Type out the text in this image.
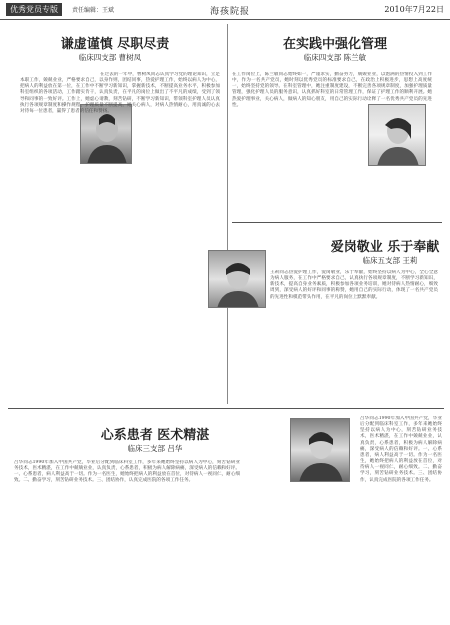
优秀党员专版	责任编辑：王斌	海孩院报	2010年7月22日
谦虚谨慎 尽职尽责
临床四支部 曹树凤
在过去的一年中，曹树凤同志认真学习党的理论知识，立足本职工作，兢兢业业，严格要求自己，以身作则，团结同事，热爱护理工作，始终以病人为中心，把病人的利益放在第一位，在工作中不断学习新知识，掌握新技术，不断提高业务水平，积极参加科室组织的各项活动，工作踏实肯干，认真负责，在平凡的岗位上做出了不平凡的成绩，受到了领导和同事的一致好评。工作上，她虚心请教，刻苦钻研，不断学习新知识，带领科室护理人员认真执行各项规章制度和操作规程，护理质量不断提高。她关心病人，对病人热情耐心，用真诚的心去对待每一位患者，赢得了患者的信任和赞扬。
在实践中强化管理
临床四支部 陈兰敏
在工作岗位上，陈兰敏同志始终如一，严谨求实，勤奋努力，兢兢业业，以饱满的热情投入到工作中，作为一名共产党员，她时刻以优秀党员的标准要求自己，在政治上积极进步，思想上高度统一，始终坚持党的领导。在科室管理中，她注重制度建设，不断完善各项规章制度，加强护理质量管理，强化护理人员的服务意识，认真抓好科室的日常管理工作，保证了护理工作的顺利开展。她热爱护理事业，关心病人，做病人的知心朋友，用自己的实际行动诠释了一名优秀共产党员的先进性。
爱岗敬业 乐于奉献
临床五支部 王莉
王莉同志热爱护理工作，爱岗敬业，乐于奉献，始终坚持以病人为中心，全心全意为病人服务，在工作中严格要求自己，认真执行各项规章制度，不断学习新知识，新技术，提高自身业务素质，积极参加各项业务培训，她对待病人热情耐心，细致周到，深受病人的好评和同事的称赞，她用自己的实际行动，体现了一名共产党员的先进性和模范带头作用，在平凡的岗位上默默奉献。
心系患者 医术精湛
临床三支部 吕华
吕华同志1990年加入中国共产党，毕业后分配到临床科室工作，多年来她始终坚持以病人为中心，刻苦钻研业务技术，医术精湛，在工作中兢兢业业，认真负责，心系患者，积极为病人解除病痛，深受病人的信赖和好评。一、心系患者，病人利益高于一切。作为一名医生，她始终把病人的利益放在首位，对待病人一视同仁，耐心细致。二、勤奋学习，刻苦钻研业务技术。三、团结协作，认真完成医院的各项工作任务。
吕华同志1990年加入中国共产党，毕业后分配到临床科室工作，多年来她始终坚持以病人为中心，刻苦钻研业务技术，医术精湛，在工作中兢兢业业，认真负责，心系患者，积极为病人解除病痛，深受病人的信赖和好评。一、心系患者，病人利益高于一切。作为一名医生，她始终把病人的利益放在首位，对待病人一视同仁，耐心细致。二、勤奋学习，刻苦钻研业务技术。三、团结协作，认真完成医院的各项工作任务。
